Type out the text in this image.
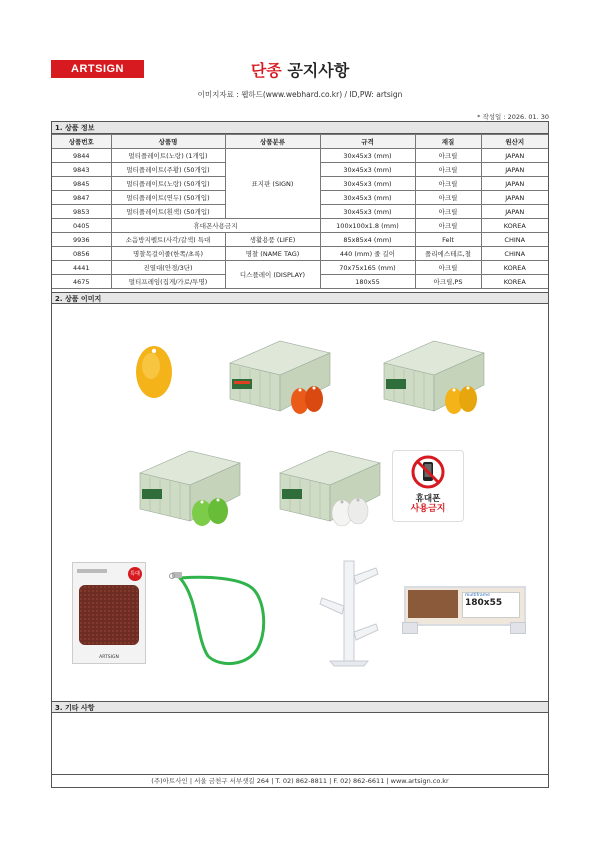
ARTSIGN	단종 공지사항
이미지자료 : 웹하드(www.webhard.co.kr) / ID,PW: artsign
* 작성일 : 2026. 01. 30
1. 상품 정보
상품번호	상품명	상품분류	규격	재질	원산지
9844	멀티플레이트(노랑) (1개입)	표지판 (SIGN)	30x45x3 (mm)	아크릴	JAPAN
9843	멀티플레이트(주황) (50개입)		30x45x3 (mm)	아크릴	JAPAN
9845	멀티플레이트(노랑) (50개입)		30x45x3 (mm)	아크릴	JAPAN
9847	멀티플레이트(연두) (50개입)		30x45x3 (mm)	아크릴	JAPAN
9853	멀티플레이트(흰색) (50개입)		30x45x3 (mm)	아크릴	JAPAN
0405	휴대폰사용금지		100x100x1.8 (mm)	아크릴	KOREA
9936	소음방지펠트(사각/갈색) 특대	생활용품 (LIFE)	85x85x4 (mm)	Felt	CHINA
0856	명찰목걸이줄(한쪽/초록)	명찰 (NAME TAG)	440 (mm) 줄 길이	폴리에스테르,철	CHINA
4441	진열대(안경/3단)	디스플레이 (DISPLAY)	70x75x165 (mm)	아크릴	KOREA
4675	멀티프레임(집게/가로/투명)		180x55	아크릴,PS	KOREA
2. 상품 이미지
휴대폰
사용금지
특대
ARTSIGN
multiframe
180x55
3. 기타 사항
(주)아트사인 | 서울 금천구 서부샛길 264 | T. 02) 862-8811 | F. 02) 862-6611 | www.artsign.co.kr
